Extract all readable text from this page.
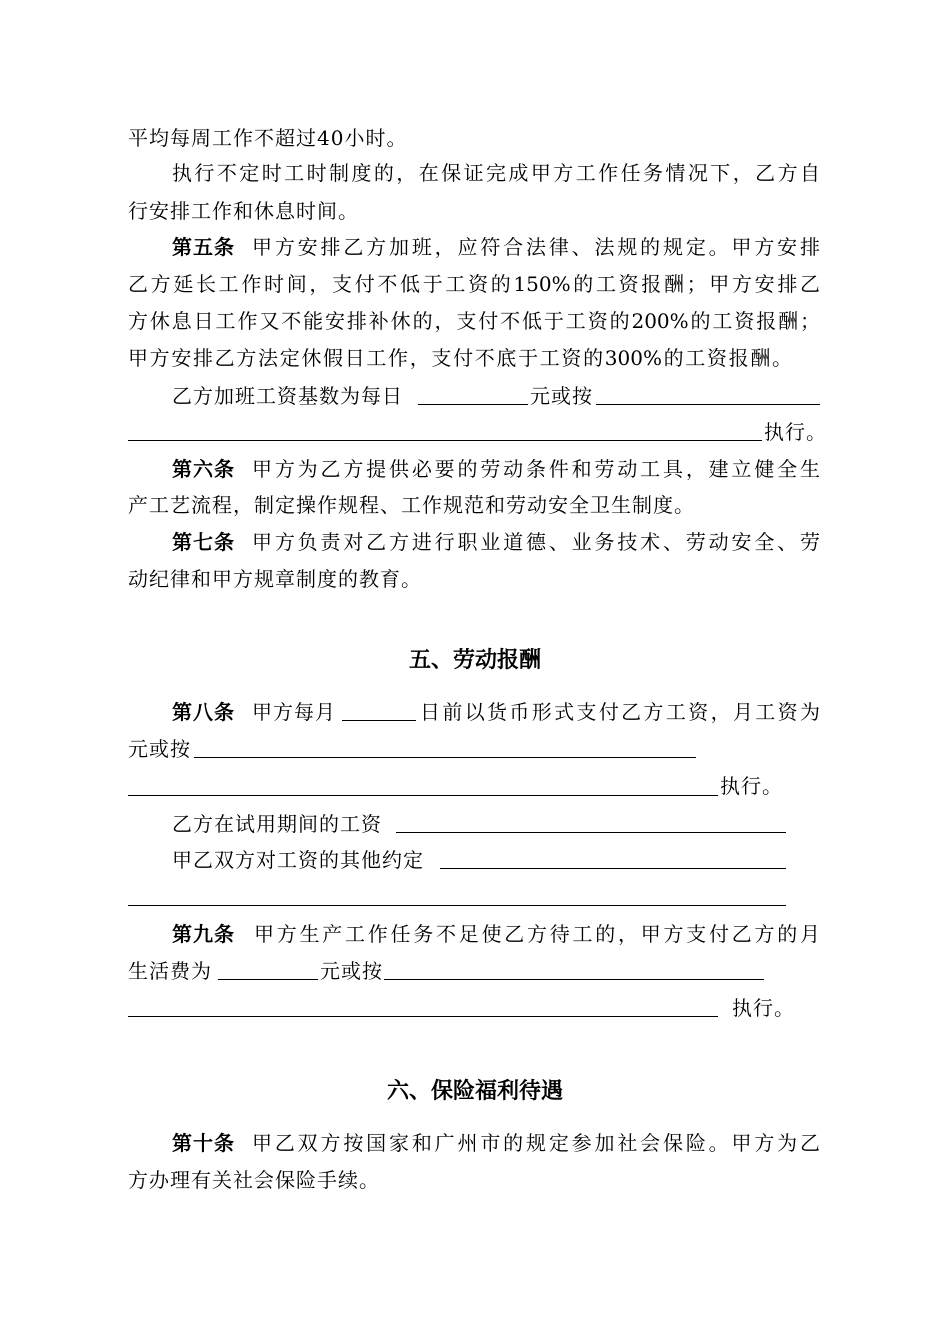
平均每周工作不超过40小时。
执行不定时工时制度的，在保证完成甲方工作任务情况下，乙方自
行安排工作和休息时间。
第五条 甲方安排乙方加班，应符合法律、法规的规定。甲方安排
乙方延长工作时间，支付不低于工资的150%的工资报酬；甲方安排乙
方休息日工作又不能安排补休的，支付不低于工资的200%的工资报酬；
甲方安排乙方法定休假日工作，支付不底于工资的300%的工资报酬。
乙方加班工资基数为每日	元或按
执行。
第六条 甲方为乙方提供必要的劳动条件和劳动工具，建立健全生
产工艺流程，制定操作规程、工作规范和劳动安全卫生制度。
第七条 甲方负责对乙方进行职业道德、业务技术、劳动安全、劳
动纪律和甲方规章制度的教育。
五、劳动报酬
第八条 甲方每月	日前以货币形式支付乙方工资，月工资为
元或按
执行。
乙方在试用期间的工资
甲乙双方对工资的其他约定
第九条 甲方生产工作任务不足使乙方待工的，甲方支付乙方的月
生活费为	元或按
执行。
六、保险福利待遇
第十条 甲乙双方按国家和广州市的规定参加社会保险。甲方为乙
方办理有关社会保险手续。
